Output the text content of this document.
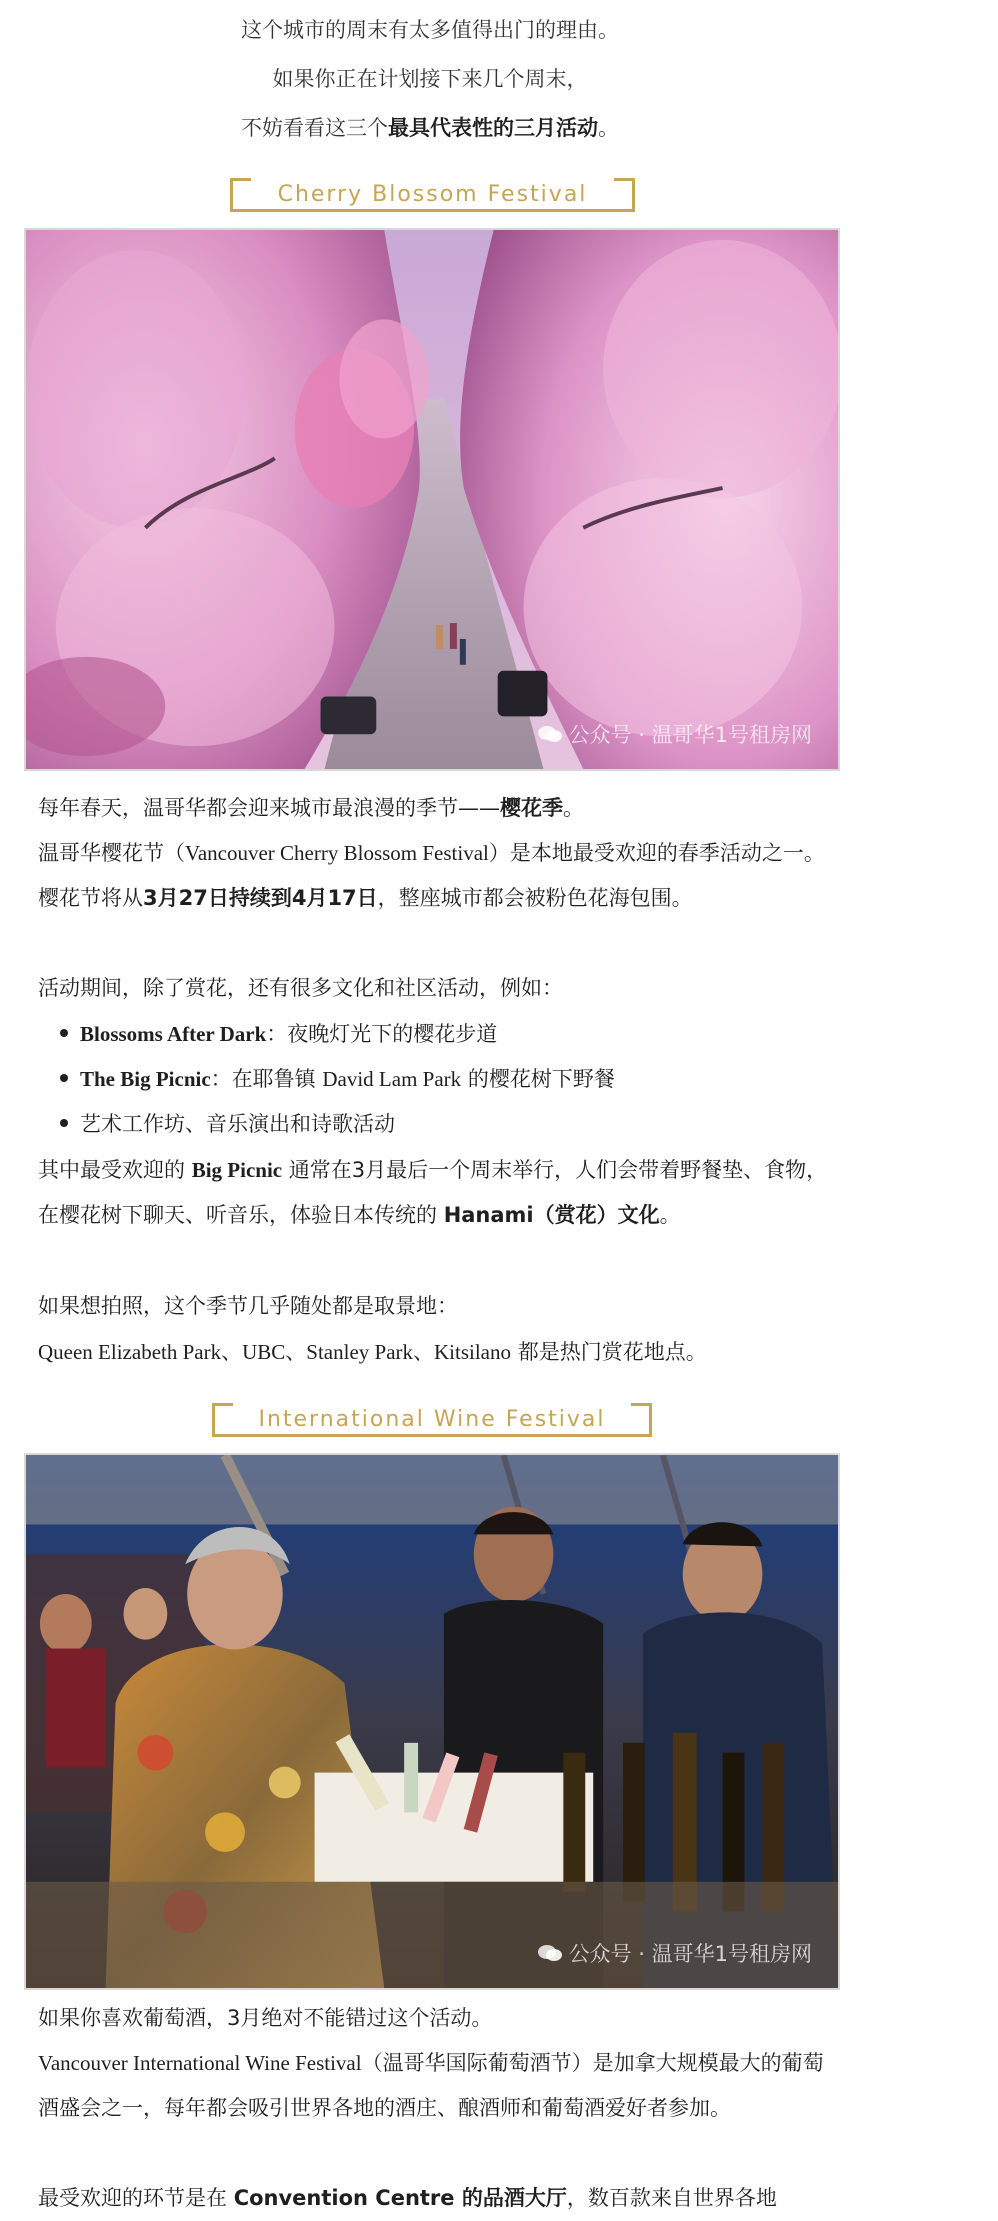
这个城市的周末有太多值得出门的理由。
如果你正在计划接下来几个周末，
不妨看看这三个最具代表性的三月活动。
Cherry Blossom Festival
公众号 · 温哥华1号租房网
每年春天，温哥华都会迎来城市最浪漫的季节——樱花季。
温哥华樱花节（Vancouver Cherry Blossom Festival）是本地最受欢迎的春季活动之一。樱花节将从3月27日持续到4月17日，整座城市都会被粉色花海包围。
活动期间，除了赏花，还有很多文化和社区活动，例如：
Blossoms After Dark：夜晚灯光下的樱花步道
The Big Picnic：在耶鲁镇 David Lam Park 的樱花树下野餐
艺术工作坊、音乐演出和诗歌活动
其中最受欢迎的 Big Picnic 通常在3月最后一个周末举行，人们会带着野餐垫、食物，在樱花树下聊天、听音乐，体验日本传统的 Hanami（赏花）文化。
如果想拍照，这个季节几乎随处都是取景地：
Queen Elizabeth Park、UBC、Stanley Park、Kitsilano 都是热门赏花地点。
International Wine Festival
公众号 · 温哥华1号租房网
如果你喜欢葡萄酒，3月绝对不能错过这个活动。
Vancouver International Wine Festival（温哥华国际葡萄酒节）是加拿大规模最大的葡萄酒盛会之一，每年都会吸引世界各地的酒庄、酿酒师和葡萄酒爱好者参加。
最受欢迎的环节是在 Convention Centre 的品酒大厅，数百款来自世界各地
